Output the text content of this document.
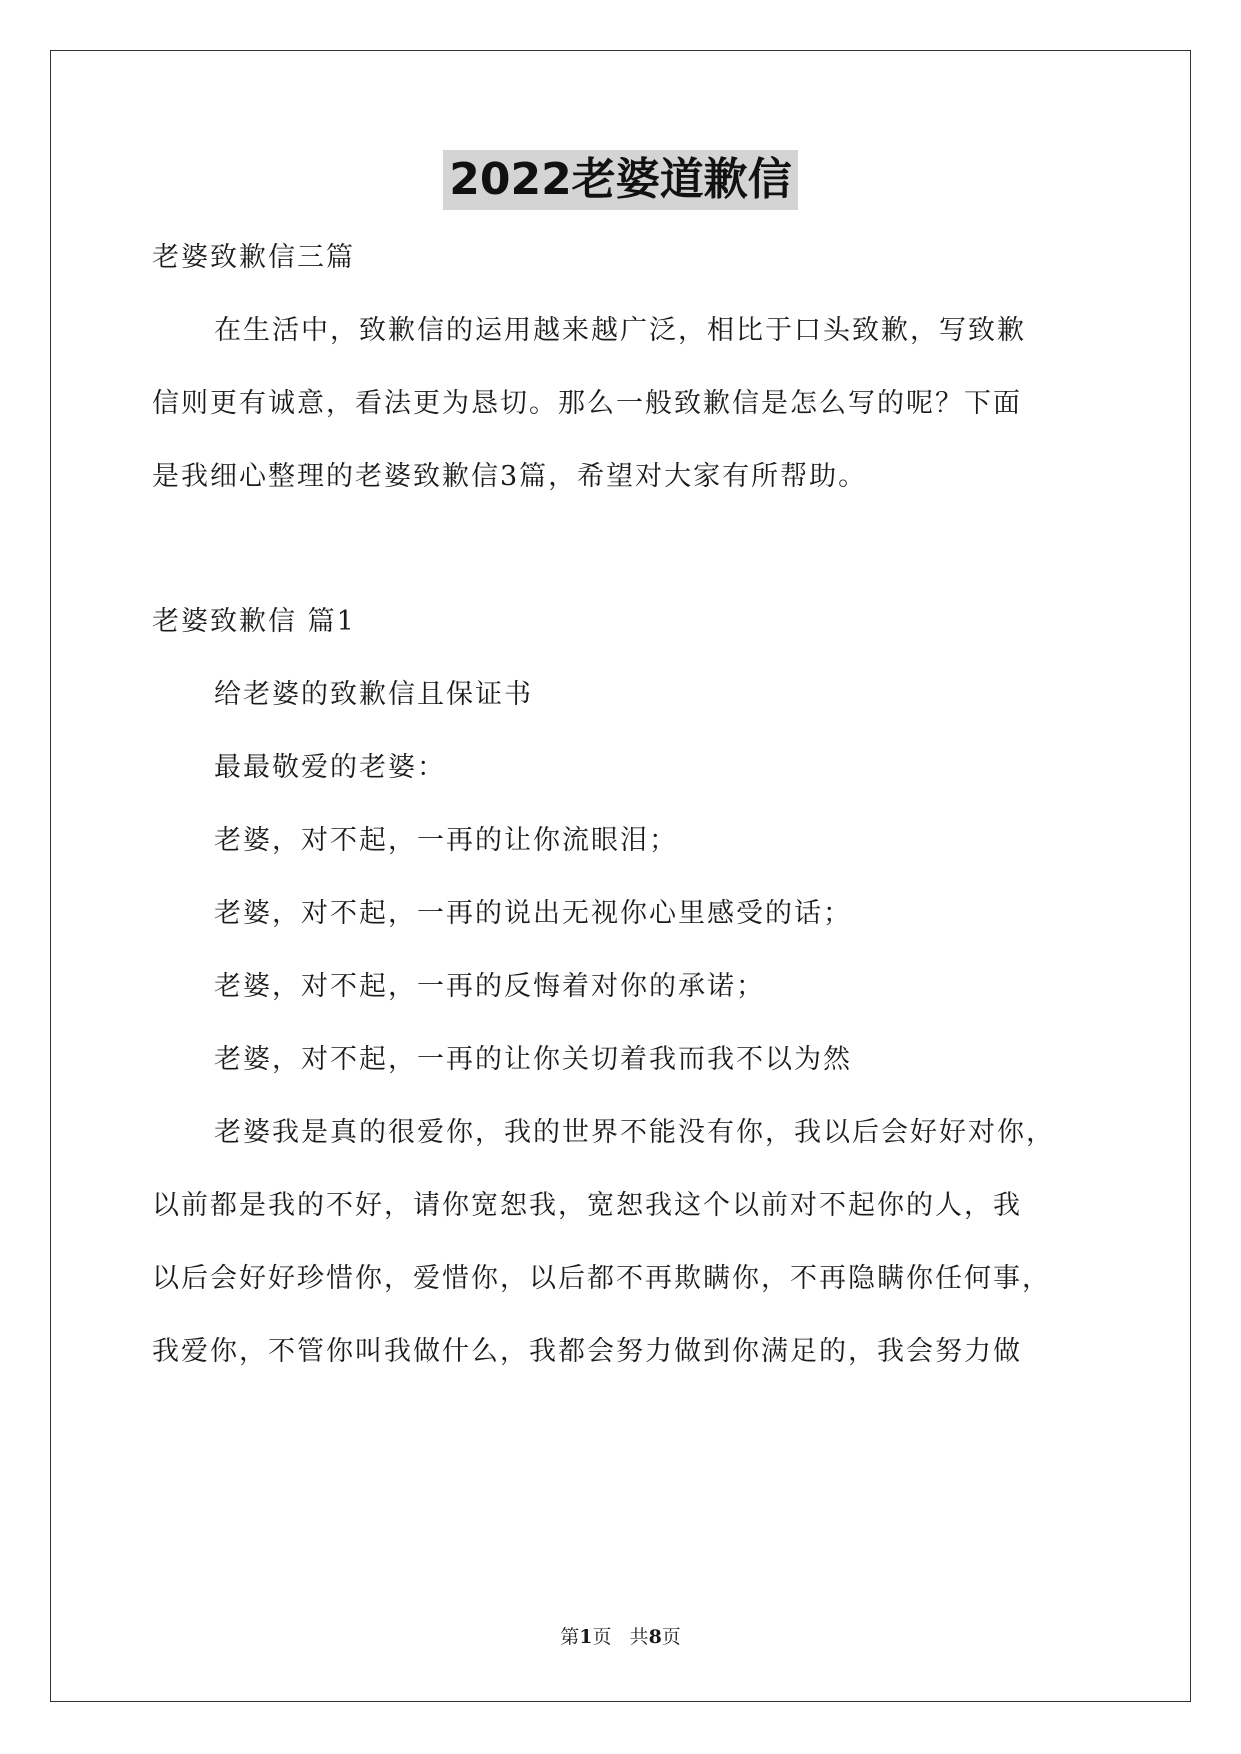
2022老婆道歉信
老婆致歉信三篇
在生活中，致歉信的运用越来越广泛，相比于口头致歉，写致歉
信则更有诚意，看法更为恳切。那么一般致歉信是怎么写的呢？下面
是我细心整理的老婆致歉信3篇，希望对大家有所帮助。
老婆致歉信 篇1
给老婆的致歉信且保证书
最最敬爱的老婆：
老婆，对不起，一再的让你流眼泪；
老婆，对不起，一再的说出无视你心里感受的话；
老婆，对不起，一再的反悔着对你的承诺；
老婆，对不起，一再的让你关切着我而我不以为然
老婆我是真的很爱你，我的世界不能没有你，我以后会好好对你，
以前都是我的不好，请你宽恕我，宽恕我这个以前对不起你的人，我
以后会好好珍惜你，爱惜你，以后都不再欺瞒你，不再隐瞒你任何事，
我爱你，不管你叫我做什么，我都会努力做到你满足的，我会努力做
第1页   共8页
